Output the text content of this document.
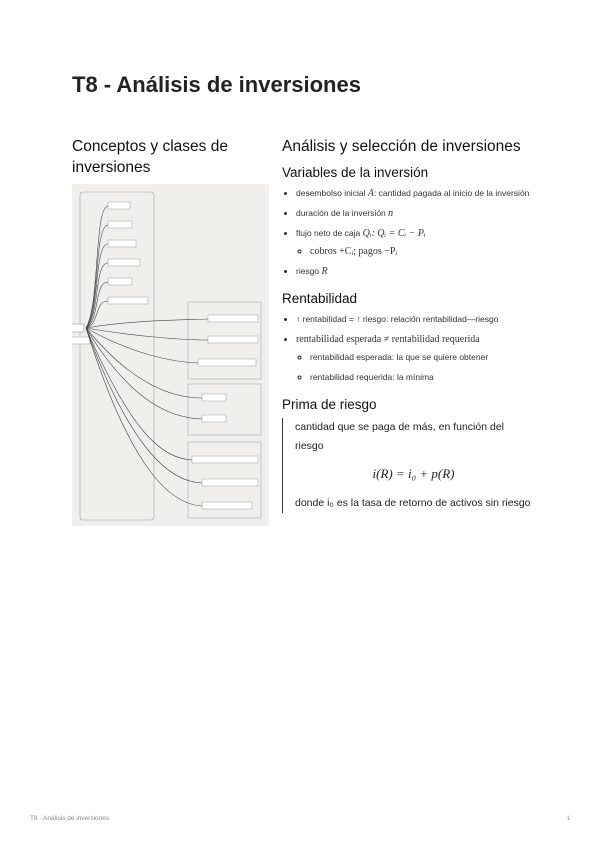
T8 - Análisis de inversiones
Conceptos y clases de inversiones
Análisis y selección de inversiones
Variables de la inversión
• desembolso inicial A: cantidad pagada al inicio de la inversión
• duración de la inversión n
• flujo neto de caja Qᵢ: Qᵢ = Cᵢ − Pᵢ
◦ cobros +Cᵢ; pagos −Pᵢ
• riesgo R
Rentabilidad
• ↑ rentabilidad = ↑ riesgo: relación rentabilidad—riesgo
• rentabilidad esperada ≠ rentabilidad requerida
◦ rentabilidad esperada: la que se quiere obtener
◦ rentabilidad requerida: la mínima
Prima de riesgo

cantidad que se paga de más, en función del riesgo

i(R) = i₀ + p(R)

donde i₀ es la tasa de retorno de activos sin riesgo

T8 - Análisis de inversiones	1
